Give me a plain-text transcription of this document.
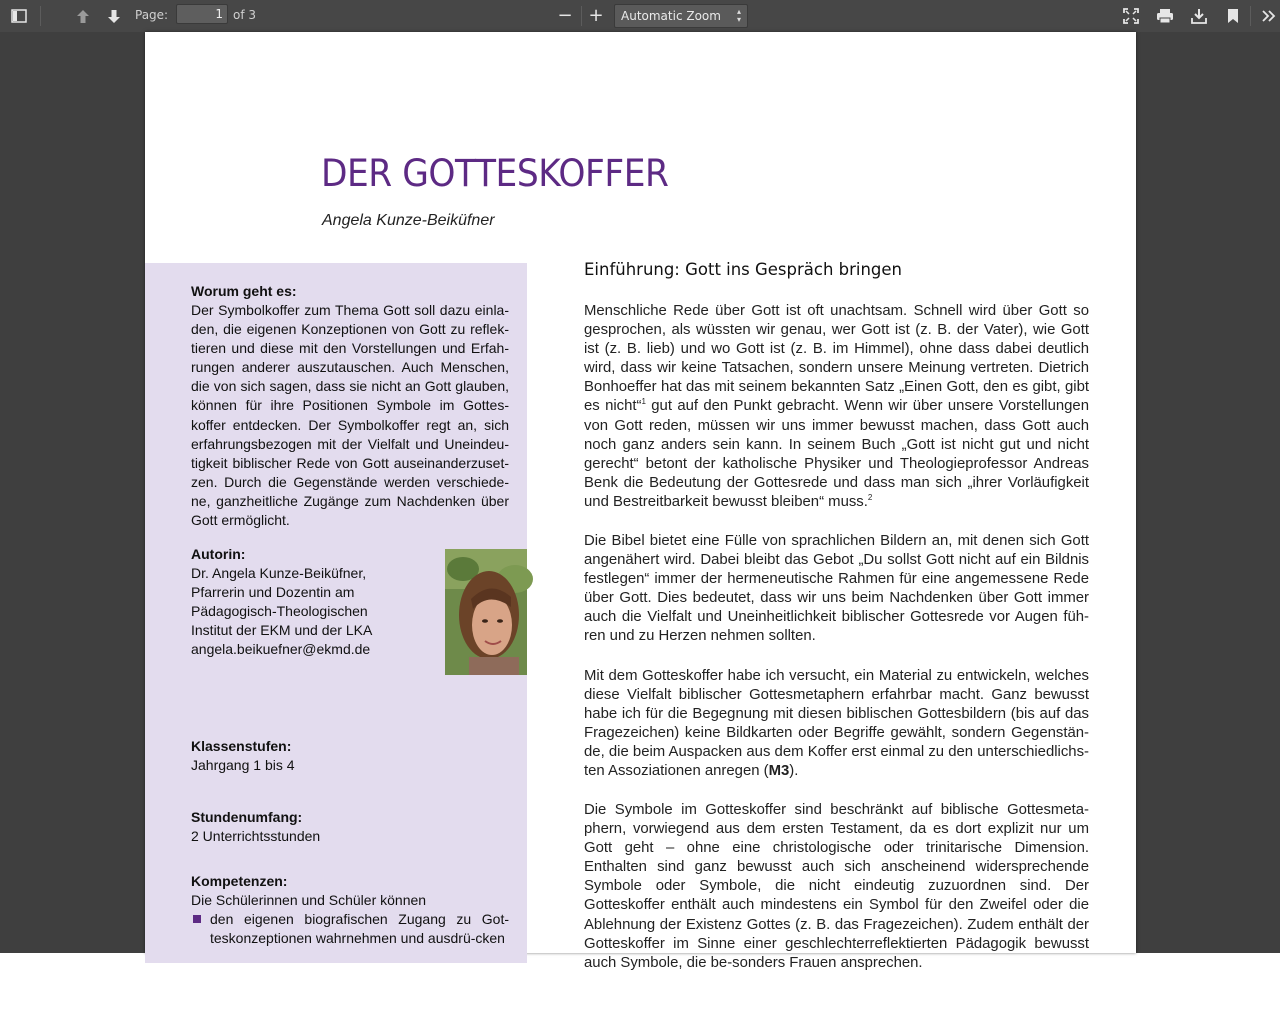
Page:
1	of 3	− +	Automatic Zoom ▴
▾
DER GOTTESKOFFER
Angela Kunze-Beiküfner
Worum geht es:
Der Symbolkoffer zum Thema Gott soll dazu einla-den, die eigenen Konzeptionen von Gott zu reflek-tieren und diese mit den Vorstellungen und Erfah-rungen anderer auszutauschen. Auch Menschen, die von sich sagen, dass sie nicht an Gott glauben, können für ihre Positionen Symbole im Gottes-koffer entdecken. Der Symbolkoffer regt an, sich erfahrungsbezogen mit der Vielfalt und Uneindeu-tigkeit biblischer Rede von Gott auseinanderzuset-zen. Durch die Gegenstände werden verschiede-ne, ganzheitliche Zugänge zum Nachdenken über Gott ermöglicht.
Autorin:
Dr. Angela Kunze-Beiküfner,
Pfarrerin und Dozentin am
Pädagogisch-Theologischen
Institut der EKM und der LKA
angela.beikuefner@ekmd.de
Klassenstufen:
Jahrgang 1 bis 4
Stundenumfang:
2 Unterrichtsstunden
Kompetenzen:
Die Schülerinnen und Schüler können
den eigenen biografischen Zugang zu Got-teskonzeptionen wahrnehmen und ausdrü-cken
Einführung: Gott ins Gespräch bringen
Menschliche Rede über Gott ist oft unachtsam. Schnell wird über Gott so gesprochen, als wüssten wir genau, wer Gott ist (z. B. der Vater), wie Gott ist (z. B. lieb) und wo Gott ist (z. B. im Himmel), ohne dass dabei deutlich wird, dass wir keine Tatsachen, sondern unsere Meinung vertreten. Dietrich Bonhoeffer hat das mit seinem bekannten Satz „Einen Gott, den es gibt, gibt es nicht“$^1$ gut auf den Punkt gebracht. Wenn wir über unsere Vorstellungen von Gott reden, müssen wir uns immer bewusst machen, dass Gott auch noch ganz anders sein kann. In seinem Buch „Gott ist nicht gut und nicht gerecht“ betont der katholische Physiker und Theologieprofessor Andreas Benk die Bedeutung der Gottesrede und dass man sich „ihrer Vorläufigkeit und Bestreitbarkeit bewusst bleiben“ muss.$^2$
Die Bibel bietet eine Fülle von sprachlichen Bildern an, mit denen sich Gott angenähert wird. Dabei bleibt das Gebot „Du sollst Gott nicht auf ein Bildnis festlegen“ immer der hermeneutische Rahmen für eine angemessene Rede über Gott. Dies bedeutet, dass wir uns beim Nachdenken über Gott immer auch die Vielfalt und Uneinheitlichkeit biblischer Gottesrede vor Augen füh-ren und zu Herzen nehmen sollten.
Mit dem Gotteskoffer habe ich versucht, ein Material zu entwickeln, welches diese Vielfalt biblischer Gottesmetaphern erfahrbar macht. Ganz bewusst habe ich für die Begegnung mit diesen biblischen Gottesbildern (bis auf das Fragezeichen) keine Bildkarten oder Begriffe gewählt, sondern Gegenstän-de, die beim Auspacken aus dem Koffer erst einmal zu den unterschiedlichs-ten Assoziationen anregen (M3).
Die Symbole im Gotteskoffer sind beschränkt auf biblische Gottesmeta-phern, vorwiegend aus dem ersten Testament, da es dort explizit nur um Gott geht – ohne eine christologische oder trinitarische Dimension. Enthalten sind ganz bewusst auch sich anscheinend widersprechende Symbole oder Symbole, die nicht eindeutig zuzuordnen sind. Der Gotteskoffer enthält auch mindestens ein Symbol für den Zweifel oder die Ablehnung der Existenz Gottes (z. B. das Fragezeichen). Zudem enthält der Gotteskoffer im Sinne einer geschlechterreflektierten Pädagogik bewusst auch Symbole, die be-sonders Frauen ansprechen.
